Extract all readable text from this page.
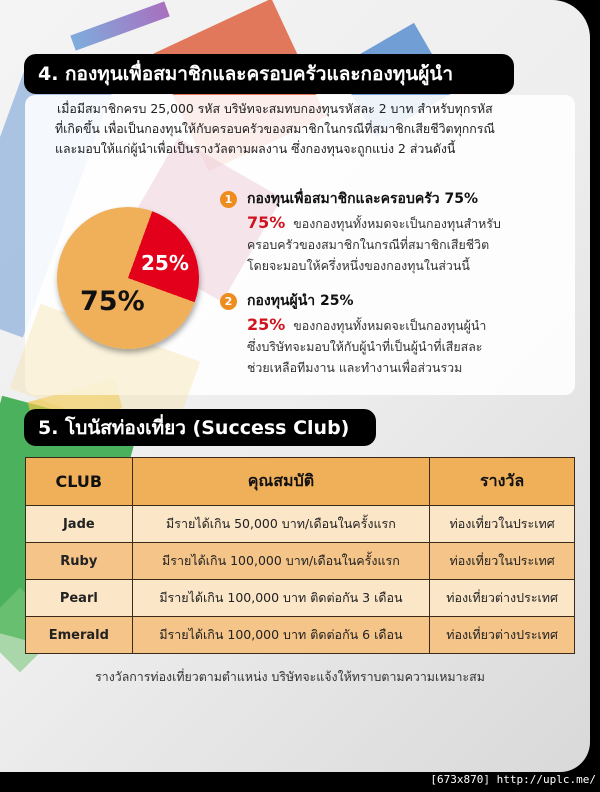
4. กองทุนเพื่อสมาชิกและครอบครัวและกองทุนผู้นำ
เมื่อมีสมาชิกครบ 25,000 รหัส บริษัทจะสมทบกองทุนรหัสละ 2 บาท สำหรับทุกรหัส
ที่เกิดขึ้น เพื่อเป็นกองทุนให้กับครอบครัวของสมาชิกในกรณีที่สมาชิกเสียชีวิตทุกกรณี
และมอบให้แก่ผู้นำเพื่อเป็นรางวัลตามผลงาน ซึ่งกองทุนจะถูกแบ่ง 2 ส่วนดังนี้
25%
75%
1	กองทุนเพื่อสมาชิกและครอบครัว 75%
75% ของกองทุนทั้งหมดจะเป็นกองทุนสำหรับ
ครอบครัวของสมาชิกในกรณีที่สมาชิกเสียชีวิต
โดยจะมอบให้ครึ่งหนึ่งของกองทุนในส่วนนี้
2	กองทุนผู้นำ 25%
25% ของกองทุนทั้งหมดจะเป็นกองทุนผู้นำ
ซึ่งบริษัทจะมอบให้กับผู้นำที่เป็นผู้นำที่เสียสละ
ช่วยเหลือทีมงาน และทำงานเพื่อส่วนรวม
5. โบนัสท่องเที่ยว (Success Club)
CLUB	คุณสมบัติ	รางวัล
Jade	มีรายได้เกิน 50,000 บาท/เดือนในครั้งแรก	ท่องเที่ยวในประเทศ
Ruby	มีรายได้เกิน 100,000 บาท/เดือนในครั้งแรก	ท่องเที่ยวในประเทศ
Pearl	มีรายได้เกิน 100,000 บาท ติดต่อกัน 3 เดือน	ท่องเที่ยวต่างประเทศ
Emerald	มีรายได้เกิน 100,000 บาท ติดต่อกัน 6 เดือน	ท่องเที่ยวต่างประเทศ
รางวัลการท่องเที่ยวตามตำแหน่ง บริษัทจะแจ้งให้ทราบตามความเหมาะสม
[673x870] http://uplc.me/
